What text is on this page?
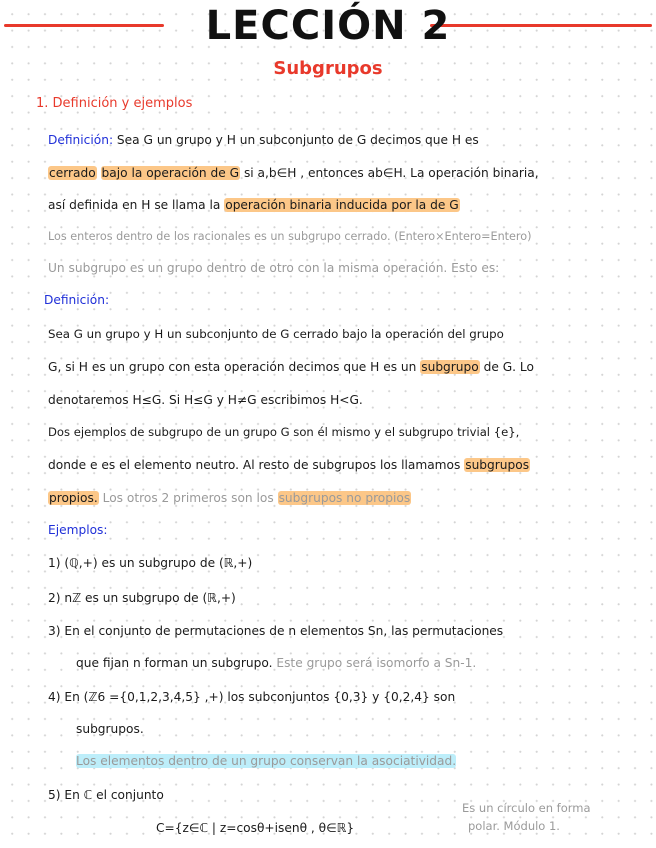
LECCIÓN 2
Subgrupos
1. Definición y ejemplos
Definición: Sea G un grupo y H un subconjunto de G decimos que H es
cerrado bajo la operación de G si a,b∈H , entonces ab∈H. La operación binaria,
así definida en H se llama la operación binaria inducida por la de G
Los enteros dentro de los racionales es un subgrupo cerrado. (Entero×Entero=Entero)
Un subgrupo es un grupo dentro de otro con la misma operación. Esto es:
Definición:
Sea G un grupo y H un subconjunto de G cerrado bajo la operación del grupo
G, si H es un grupo con esta operación decimos que H es un subgrupo de G. Lo
denotaremos H≤G. Si H≤G y H≠G escribimos H<G.
Dos ejemplos de subgrupo de un grupo G son él mismo y el subgrupo trivial {e},
donde e es el elemento neutro. Al resto de subgrupos los llamamos subgrupos
propios. Los otros 2 primeros son los subgrupos no propios
Ejemplos:
1) (ℚ,+) es un subgrupo de (ℝ,+)
2) nℤ es un subgrupo de (ℝ,+)
3) En el conjunto de permutaciones de n elementos Sn, las permutaciones
que fijan n forman un subgrupo. Este grupo será isomorfo a Sn-1.
4) En (ℤ6 ={0,1,2,3,4,5} ,+) los subconjuntos {0,3} y {0,2,4} son
subgrupos.
Los elementos dentro de un grupo conservan la asociatividad.
5) En ℂ el conjunto
C={z∈ℂ | z=cosθ+isenθ , θ∈ℝ}
Es un círculo en forma
polar. Módulo 1.
